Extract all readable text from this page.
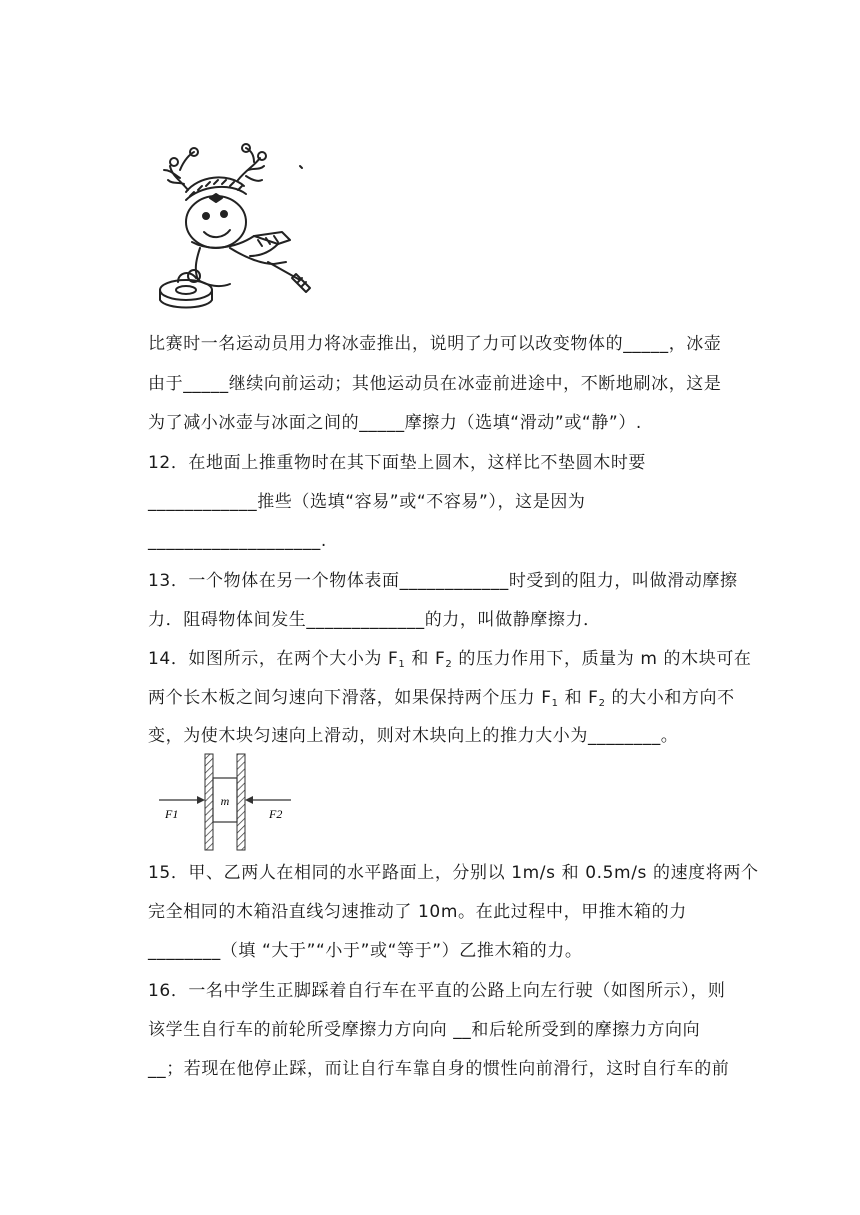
比赛时一名运动员用力将冰壶推出，说明了力可以改变物体的_____，冰壶
由于_____继续向前运动；其他运动员在冰壶前进途中，不断地刷冰，这是
为了减小冰壶与冰面之间的_____摩擦力（选填“滑动”或“静”）.
12．在地面上推重物时在其下面垫上圆木，这样比不垫圆木时要
____________推些（选填“容易”或“不容易”），这是因为
___________________.
13．一个物体在另一个物体表面____________时受到的阻力，叫做滑动摩擦
力．阻碍物体间发生_____________的力，叫做静摩擦力．
14．如图所示，在两个大小为 $F_1$ 和 $F_2$ 的压力作用下，质量为 m 的木块可在
两个长木板之间匀速向下滑落，如果保持两个压力 $F_1$ 和 $F_2$ 的大小和方向不
变，为使木块匀速向上滑动，则对木块向上的推力大小为________。
m
F1	F2
15．甲、乙两人在相同的水平路面上，分别以 1m/s 和 0.5m/s 的速度将两个
完全相同的木箱沿直线匀速推动了 10m。在此过程中，甲推木箱的力
________（填 “大于”“小于”或“等于”）乙推木箱的力。
16．一名中学生正脚踩着自行车在平直的公路上向左行驶（如图所示），则
该学生自行车的前轮所受摩擦力方向向 __和后轮所受到的摩擦力方向向
__；若现在他停止踩，而让自行车靠自身的惯性向前滑行，这时自行车的前
